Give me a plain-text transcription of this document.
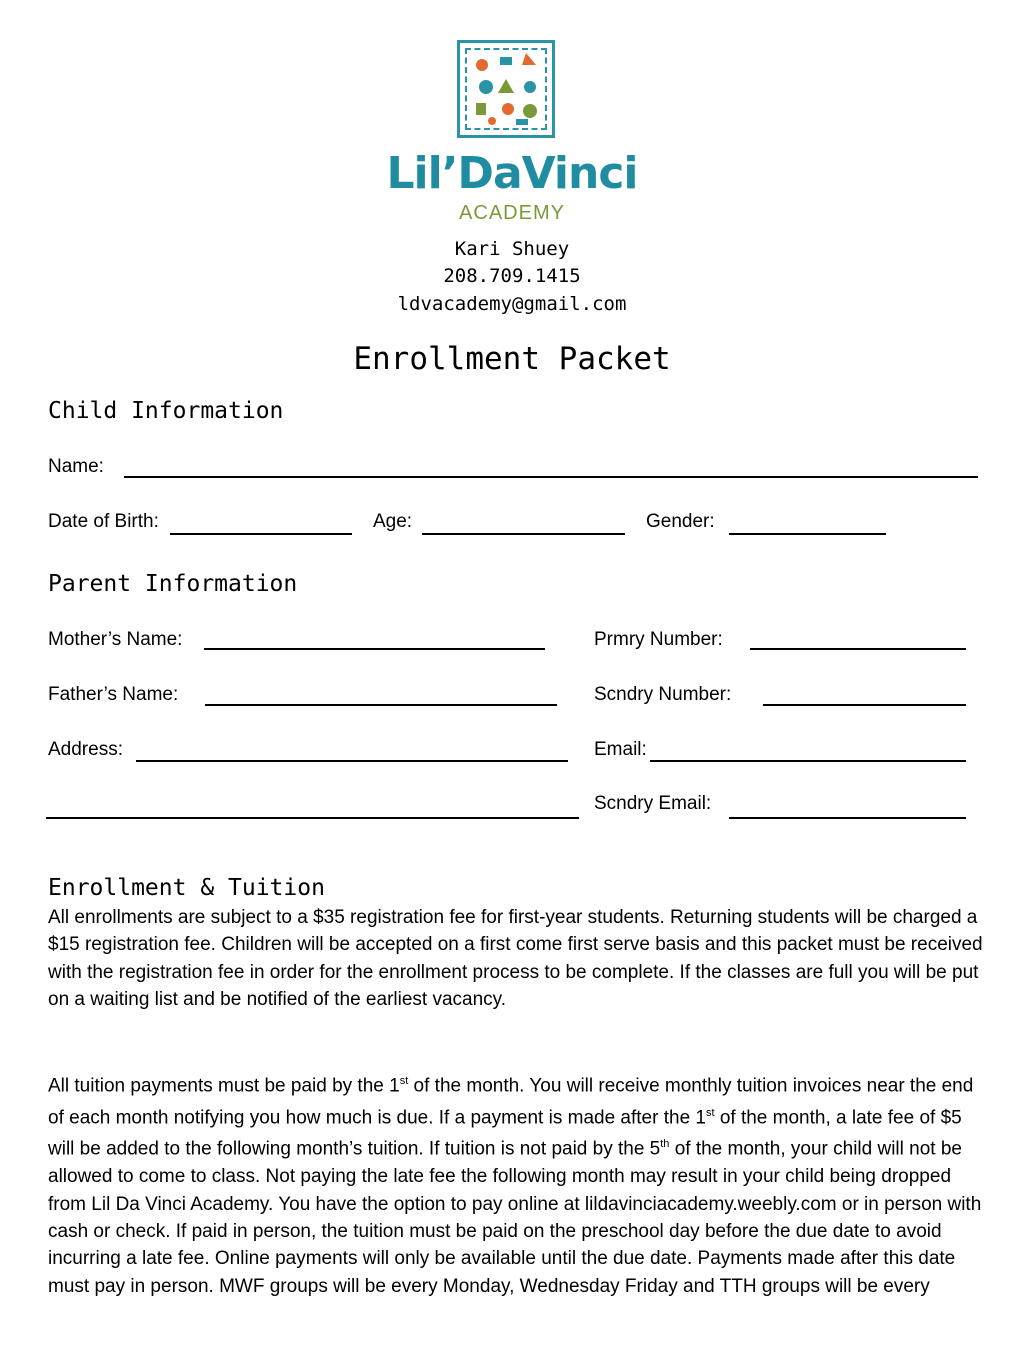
Lil’DaVinci
ACADEMY
Kari Shuey
208.709.1415
ldvacademy@gmail.com
Enrollment Packet
Child Information
Name:
Date of Birth:	Age:	Gender:
Parent Information
Mother’s Name:	Prmry Number:
Father’s Name:	Scndry Number:
Address:	Email:
Scndry Email:
Enrollment & Tuition
All enrollments are subject to a $35 registration fee for first-year students. Returning students will be charged a $15 registration fee. Children will be accepted on a first come first serve basis and this packet must be received with the registration fee in order for the enrollment process to be complete. If the classes are full you will be put on a waiting list and be notified of the earliest vacancy.
All tuition payments must be paid by the 1st of the month. You will receive monthly tuition invoices near the end of each month notifying you how much is due. If a payment is made after the 1st of the month, a late fee of $5 will be added to the following month’s tuition. If tuition is not paid by the 5th of the month, your child will not be allowed to come to class. Not paying the late fee the following month may result in your child being dropped from Lil Da Vinci Academy. You have the option to pay online at lildavinciacademy.weebly.com or in person with cash or check. If paid in person, the tuition must be paid on the preschool day before the due date to avoid incurring a late fee. Online payments will only be available until the due date. Payments made after this date must pay in person. MWF groups will be every Monday, Wednesday Friday and TTH groups will be every
